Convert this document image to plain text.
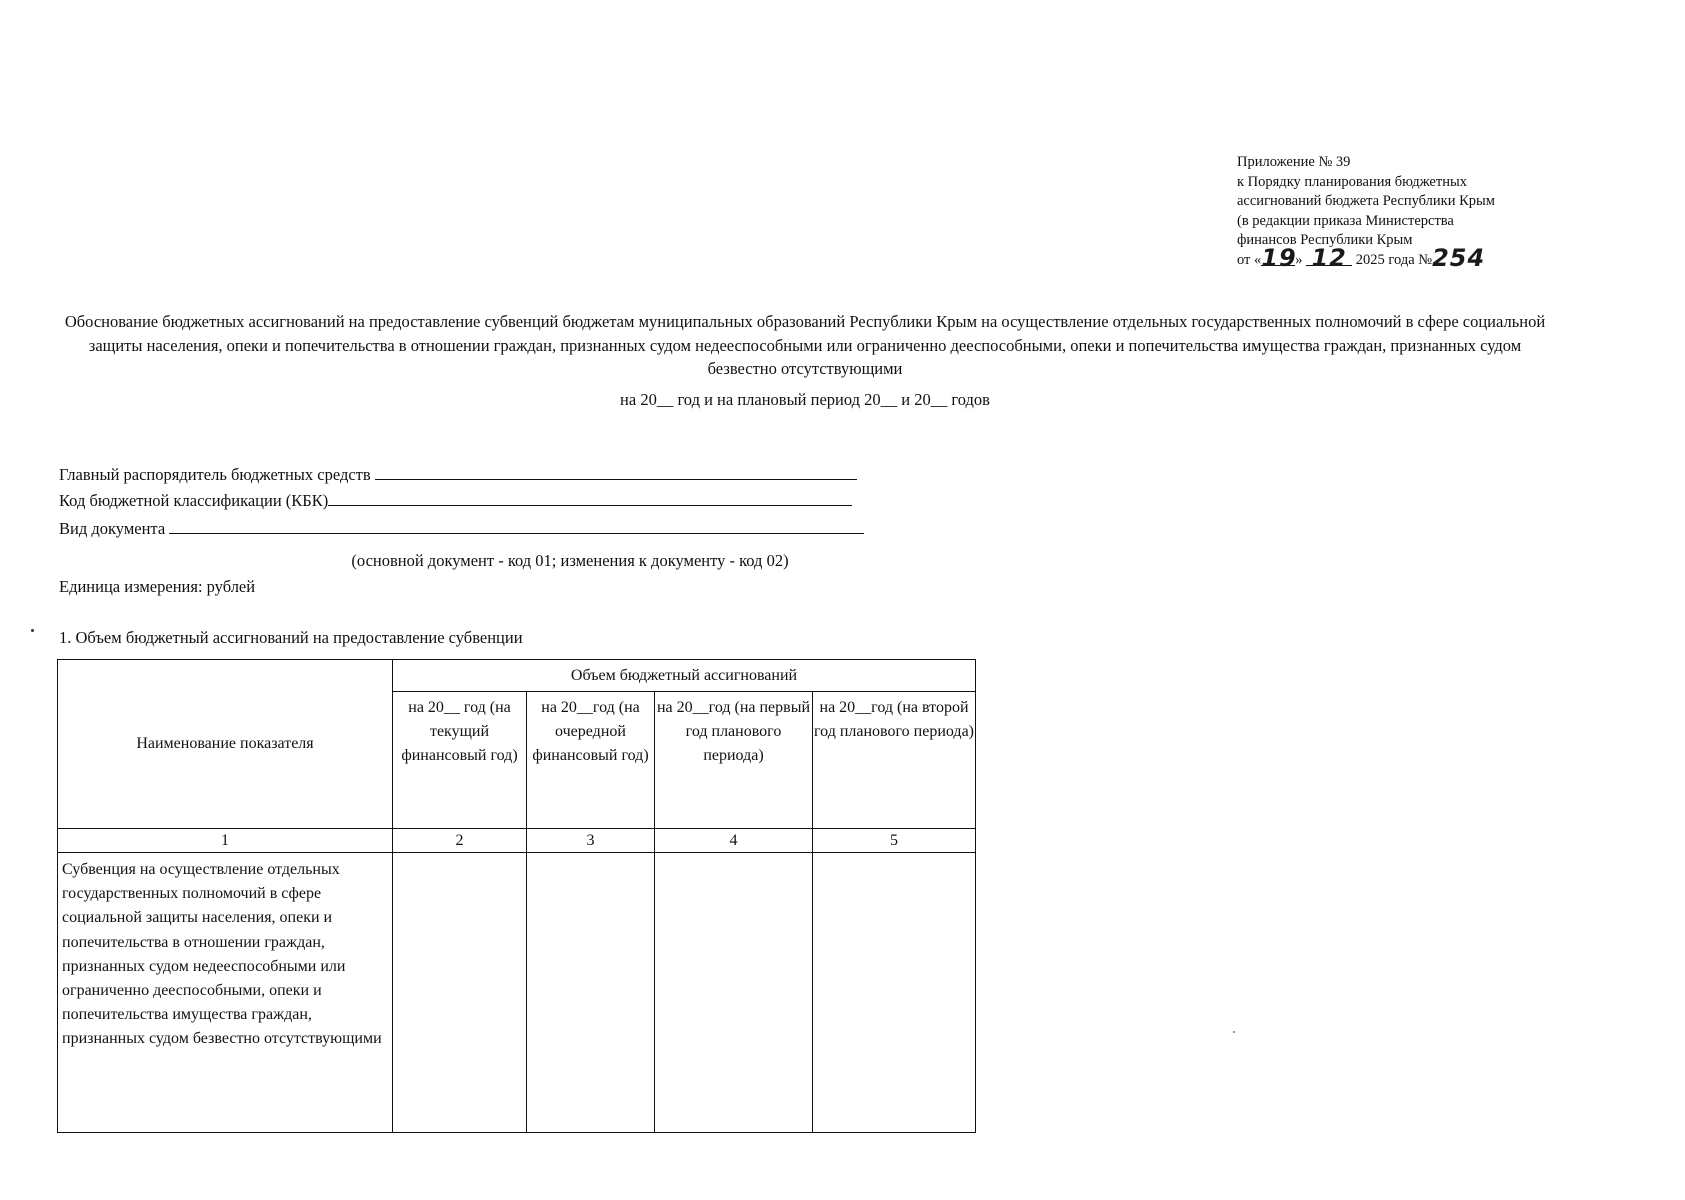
Приложение № 39
к Порядку планирования бюджетных
ассигнований бюджета Республики Крым
(в редакции приказа Министерства
финансов Республики Крым
от «19» 12 2025 года №254
Обоснование бюджетных ассигнований на предоставление субвенций бюджетам муниципальных образований Республики Крым на осуществление отдельных государственных полномочий в сфере социальной защиты населения, опеки и попечительства в отношении граждан, признанных судом недееспособными или ограниченно дееспособными, опеки и попечительства имущества граждан, признанных судом безвестно отсутствующими
на 20__ год и на плановый период 20__ и 20__ годов
Главный распорядитель бюджетных средств
Код бюджетной классификации (КБК)
Вид документа
(основной документ - код 01; изменения к документу - код 02)
Единица измерения: рублей
1. Объем бюджетный ассигнований на предоставление субвенции
Наименование показателя	Объем бюджетный ассигнований			
	на 20__ год (на текущий финансовый год)	на 20__год (на очередной финансовый год)	на 20__год (на первый год планового периода)	на 20__год (на второй год планового периода)
1	2	3	4	5
Субвенция на осуществление отдельных государственных полномочий в сфере социальной защиты населения, опеки и попечительства в отношении граждан, признанных судом недееспособными или ограниченно дееспособными, опеки и попечительства имущества граждан, признанных судом безвестно отсутствующими				
